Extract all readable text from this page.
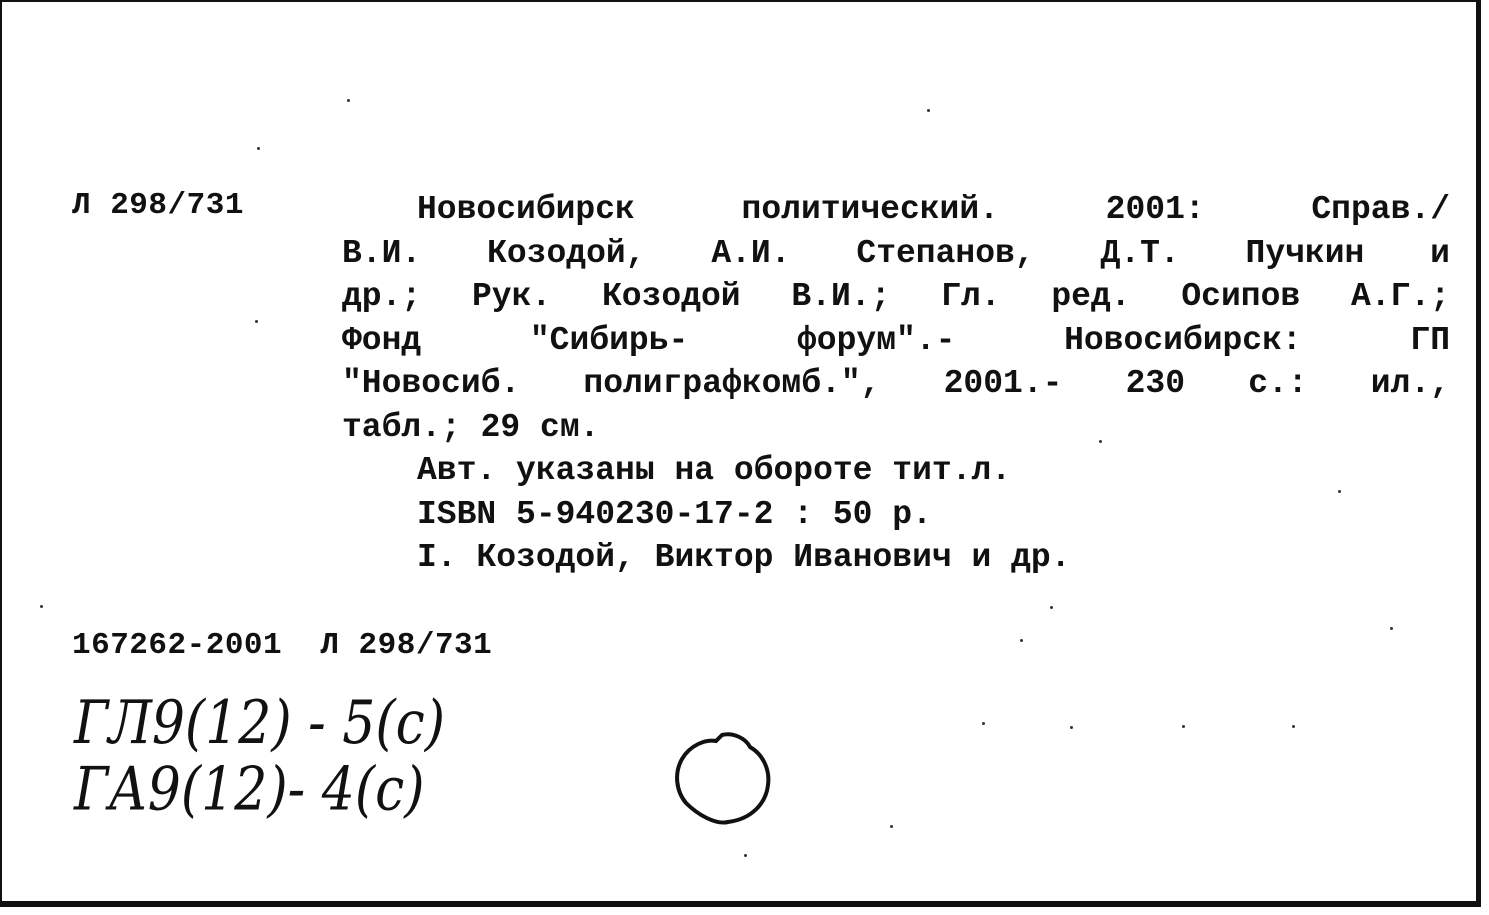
Л 298/731	Новосибирск политический. 2001: Справ./
В.И. Козодой, А.И. Степанов, Д.Т. Пучкин и
др.; Рук. Козодой В.И.; Гл. ред. Осипов А.Г.;
Фонд "Сибирь- форум".- Новосибирск: ГП
"Новосиб. полиграфкомб.", 2001.- 230 с.: ил.,
табл.; 29 см.
Авт. указаны на обороте тит.л.
ISBN 5-940230-17-2 : 50 р.
I. Козодой, Виктор Иванович и др.
167262-2001  Л 298/731
ГЛ9(12) - 5(с)
ГА9(12)- 4(с)
